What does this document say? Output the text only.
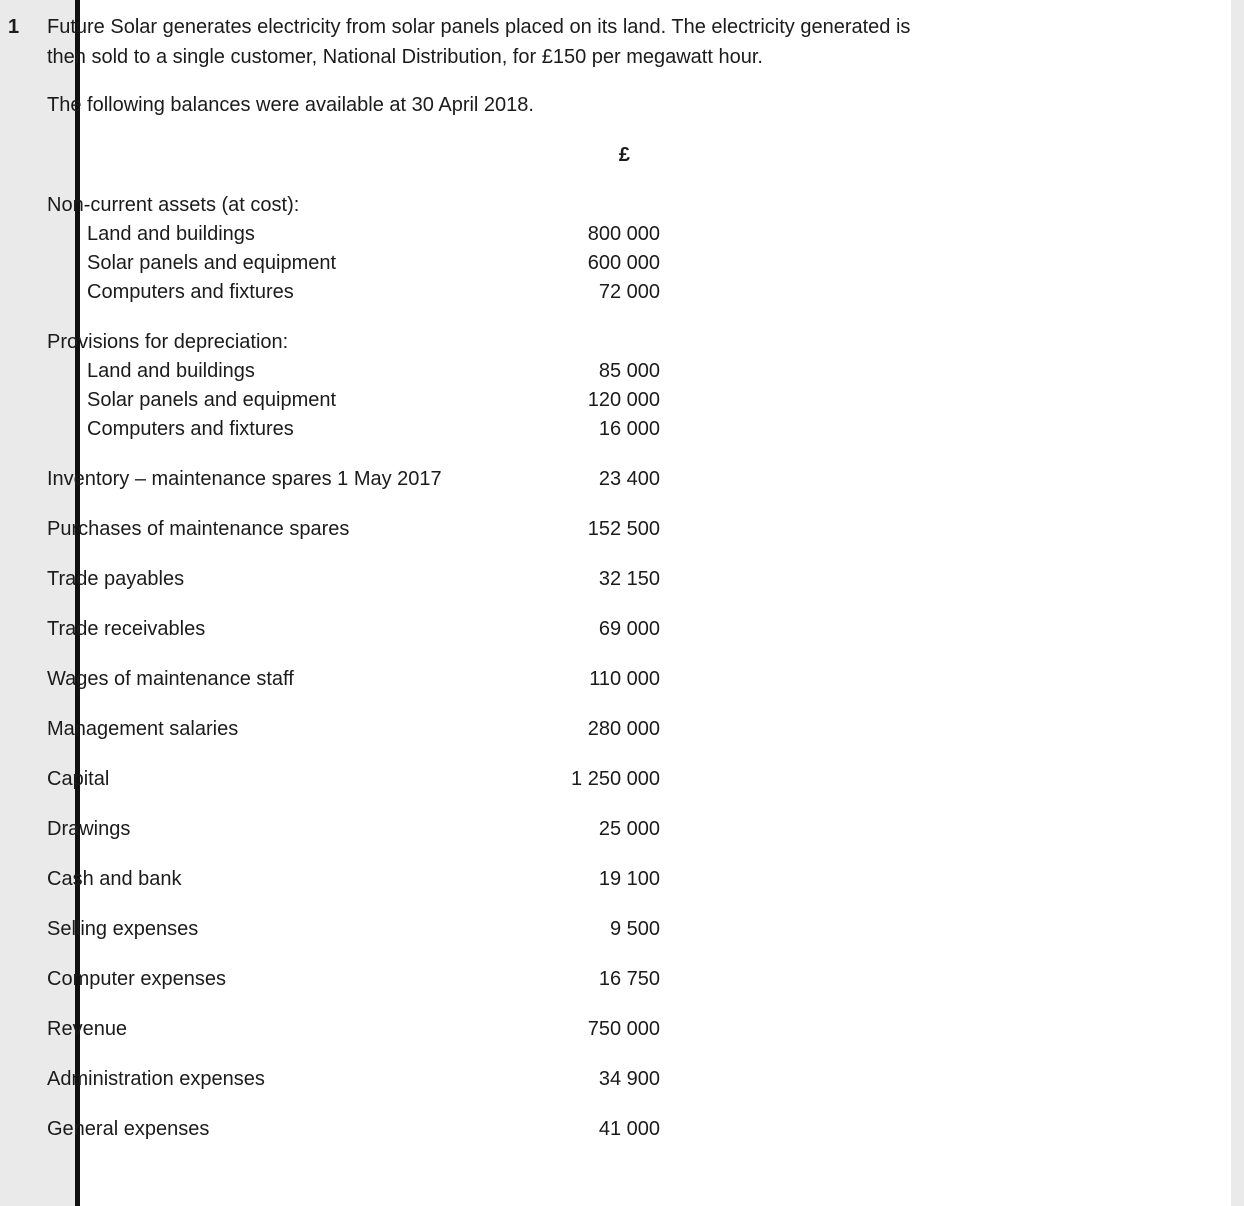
1	Future Solar generates electricity from solar panels placed on its land. The electricity generated is then sold to a single customer, National Distribution, for £150 per megawatt hour.

The following balances were available at 30 April 2018.

£
Non-current assets (at cost):
Land and buildings	800 000
Solar panels and equipment	600 000
Computers and fixtures	72 000
Provisions for depreciation:
Land and buildings	85 000
Solar panels and equipment	120 000
Computers and fixtures	16 000
Inventory – maintenance spares 1 May 2017	23 400
Purchases of maintenance spares	152 500
Trade payables	32 150
Trade receivables	69 000
Wages of maintenance staff	110 000
Management salaries	280 000
Capital	1 250 000
Drawings	25 000
Cash and bank	19 100
Selling expenses	9 500
Computer expenses	16 750
Revenue	750 000
Administration expenses	34 900
General expenses	41 000
